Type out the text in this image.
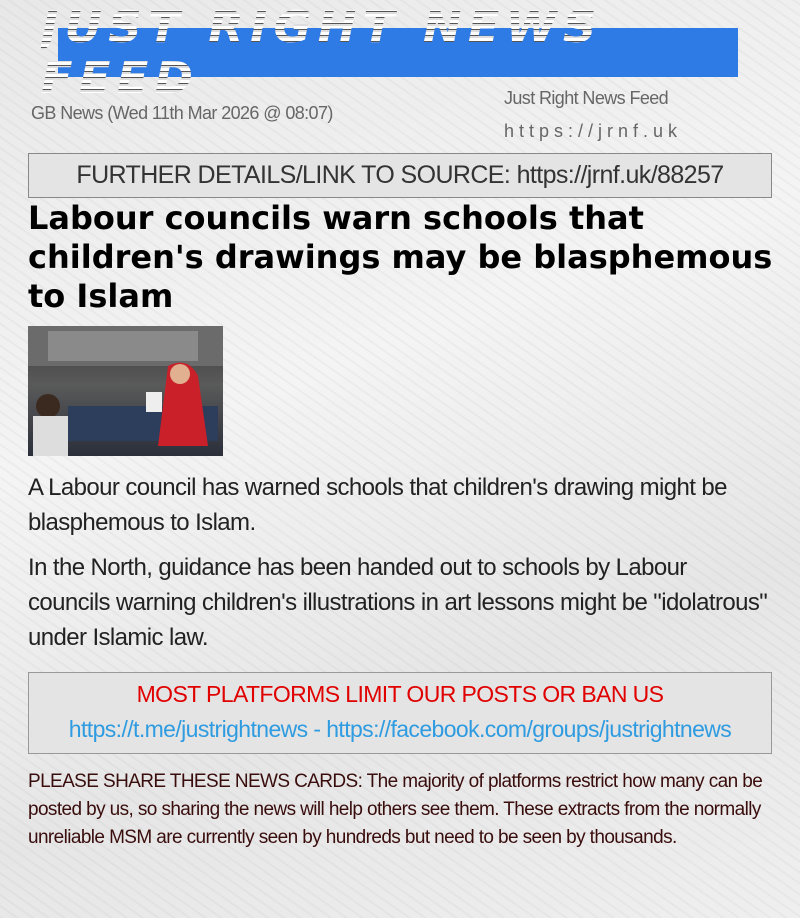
JUST RIGHT NEWS FEED
GB News (Wed 11th Mar 2026 @ 08:07)
Just Right News Feed
https://jrnf.uk
FURTHER DETAILS/LINK TO SOURCE: https://jrnf.uk/88257
Labour councils warn schools that children's drawings may be blasphemous to Islam

A Labour council has warned schools that children's drawing might be blasphemous to Islam.

In the North, guidance has been handed out to schools by Labour councils warning children's illustrations in art lessons might be "idolatrous" under Islamic law.

MOST PLATFORMS LIMIT OUR POSTS OR BAN US
https://t.me/justrightnews - https://facebook.com/groups/justrightnews
PLEASE SHARE THESE NEWS CARDS: The majority of platforms restrict how many can be posted by us, so sharing the news will help others see them. These extracts from the normally unreliable MSM are currently seen by hundreds but need to be seen by thousands.
